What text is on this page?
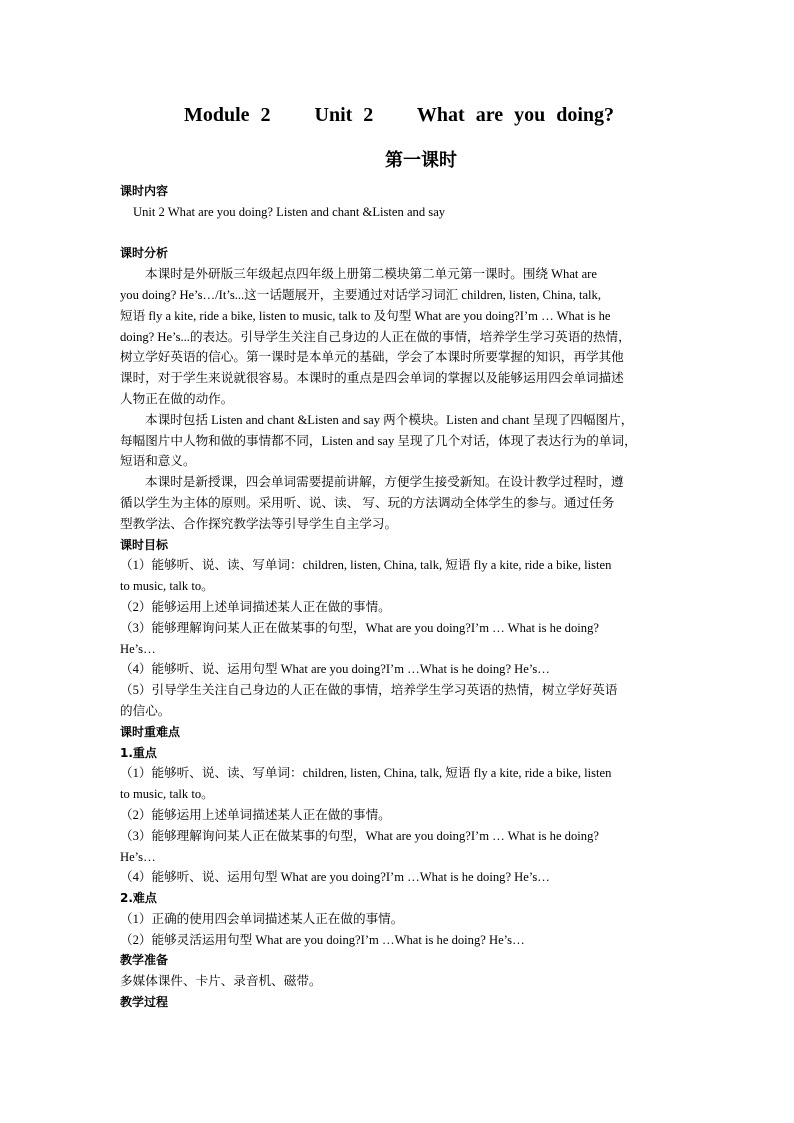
Module 2    Unit 2    What are you doing?
第一课时
课时内容
Unit 2 What are you doing? Listen and chant &Listen and say
课时分析
本课时是外研版三年级起点四年级上册第二模块第二单元第一课时。围绕 What are
you doing? He’s…/It’s...这一话题展开，主要通过对话学习词汇 children, listen, China, talk,
短语 fly a kite, ride a bike, listen to music, talk to 及句型 What are you doing?I’m … What is he
doing? He’s...的表达。引导学生关注自己身边的人正在做的事情，培养学生学习英语的热情，
树立学好英语的信心。第一课时是本单元的基础，学会了本课时所要掌握的知识，再学其他
课时，对于学生来说就很容易。本课时的重点是四会单词的掌握以及能够运用四会单词描述
人物正在做的动作。
本课时包括 Listen and chant &Listen and say 两个模块。Listen and chant 呈现了四幅图片，
每幅图片中人物和做的事情都不同，Listen and say 呈现了几个对话，体现了表达行为的单词，
短语和意义。
本课时是新授课，四会单词需要提前讲解，方便学生接受新知。在设计教学过程时，遵
循以学生为主体的原则。采用听、说、读、 写、玩的方法调动全体学生的参与。通过任务
型教学法、合作探究教学法等引导学生自主学习。
课时目标
（1）能够听、说、读、写单词：children, listen, China, talk, 短语 fly a kite, ride a bike, listen
to music, talk to。
（2）能够运用上述单词描述某人正在做的事情。
（3）能够理解询问某人正在做某事的句型，What are you doing?I’m … What is he doing?
He’s…
（4）能够听、说、运用句型 What are you doing?I’m …What is he doing? He’s…
（5）引导学生关注自己身边的人正在做的事情，培养学生学习英语的热情，树立学好英语
的信心。
课时重难点
1.重点
（1）能够听、说、读、写单词：children, listen, China, talk, 短语 fly a kite, ride a bike, listen
to music, talk to。
（2）能够运用上述单词描述某人正在做的事情。
（3）能够理解询问某人正在做某事的句型，What are you doing?I’m … What is he doing?
He’s…
（4）能够听、说、运用句型 What are you doing?I’m …What is he doing? He’s…
2.难点
（1）正确的使用四会单词描述某人正在做的事情。
（2）能够灵活运用句型 What are you doing?I’m …What is he doing? He’s…
教学准备
多媒体课件、卡片、录音机、磁带。
教学过程
